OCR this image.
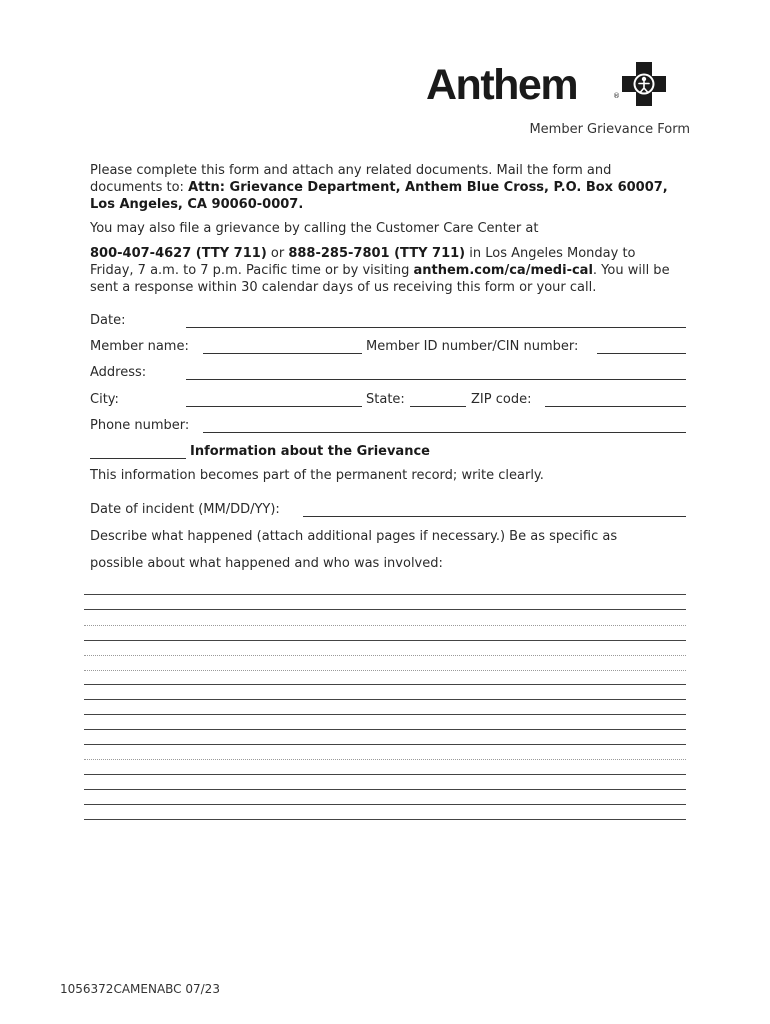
Anthem	®
Member Grievance Form
Please complete this form and attach any related documents. Mail the form and documents to: Attn: Grievance Department, Anthem Blue Cross, P.O. Box 60007, Los Angeles, CA 90060-0007.
You may also file a grievance by calling the Customer Care Center at
800-407-4627 (TTY 711) or 888-285-7801 (TTY 711) in Los Angeles Monday to Friday, 7 a.m. to 7 p.m. Pacific time or by visiting anthem.com/ca/medi-cal. You will be sent a response within 30 calendar days of us receiving this form or your call.
Date:
Member name:	Member ID number/CIN number:
Address:
City:	State:	ZIP code:
Phone number:
Information about the Grievance
This information becomes part of the permanent record; write clearly.
Date of incident (MM/DD/YY):
Describe what happened (attach additional pages if necessary.) Be as specific as
possible about what happened and who was involved:
1056372CAMENABC 07/23
